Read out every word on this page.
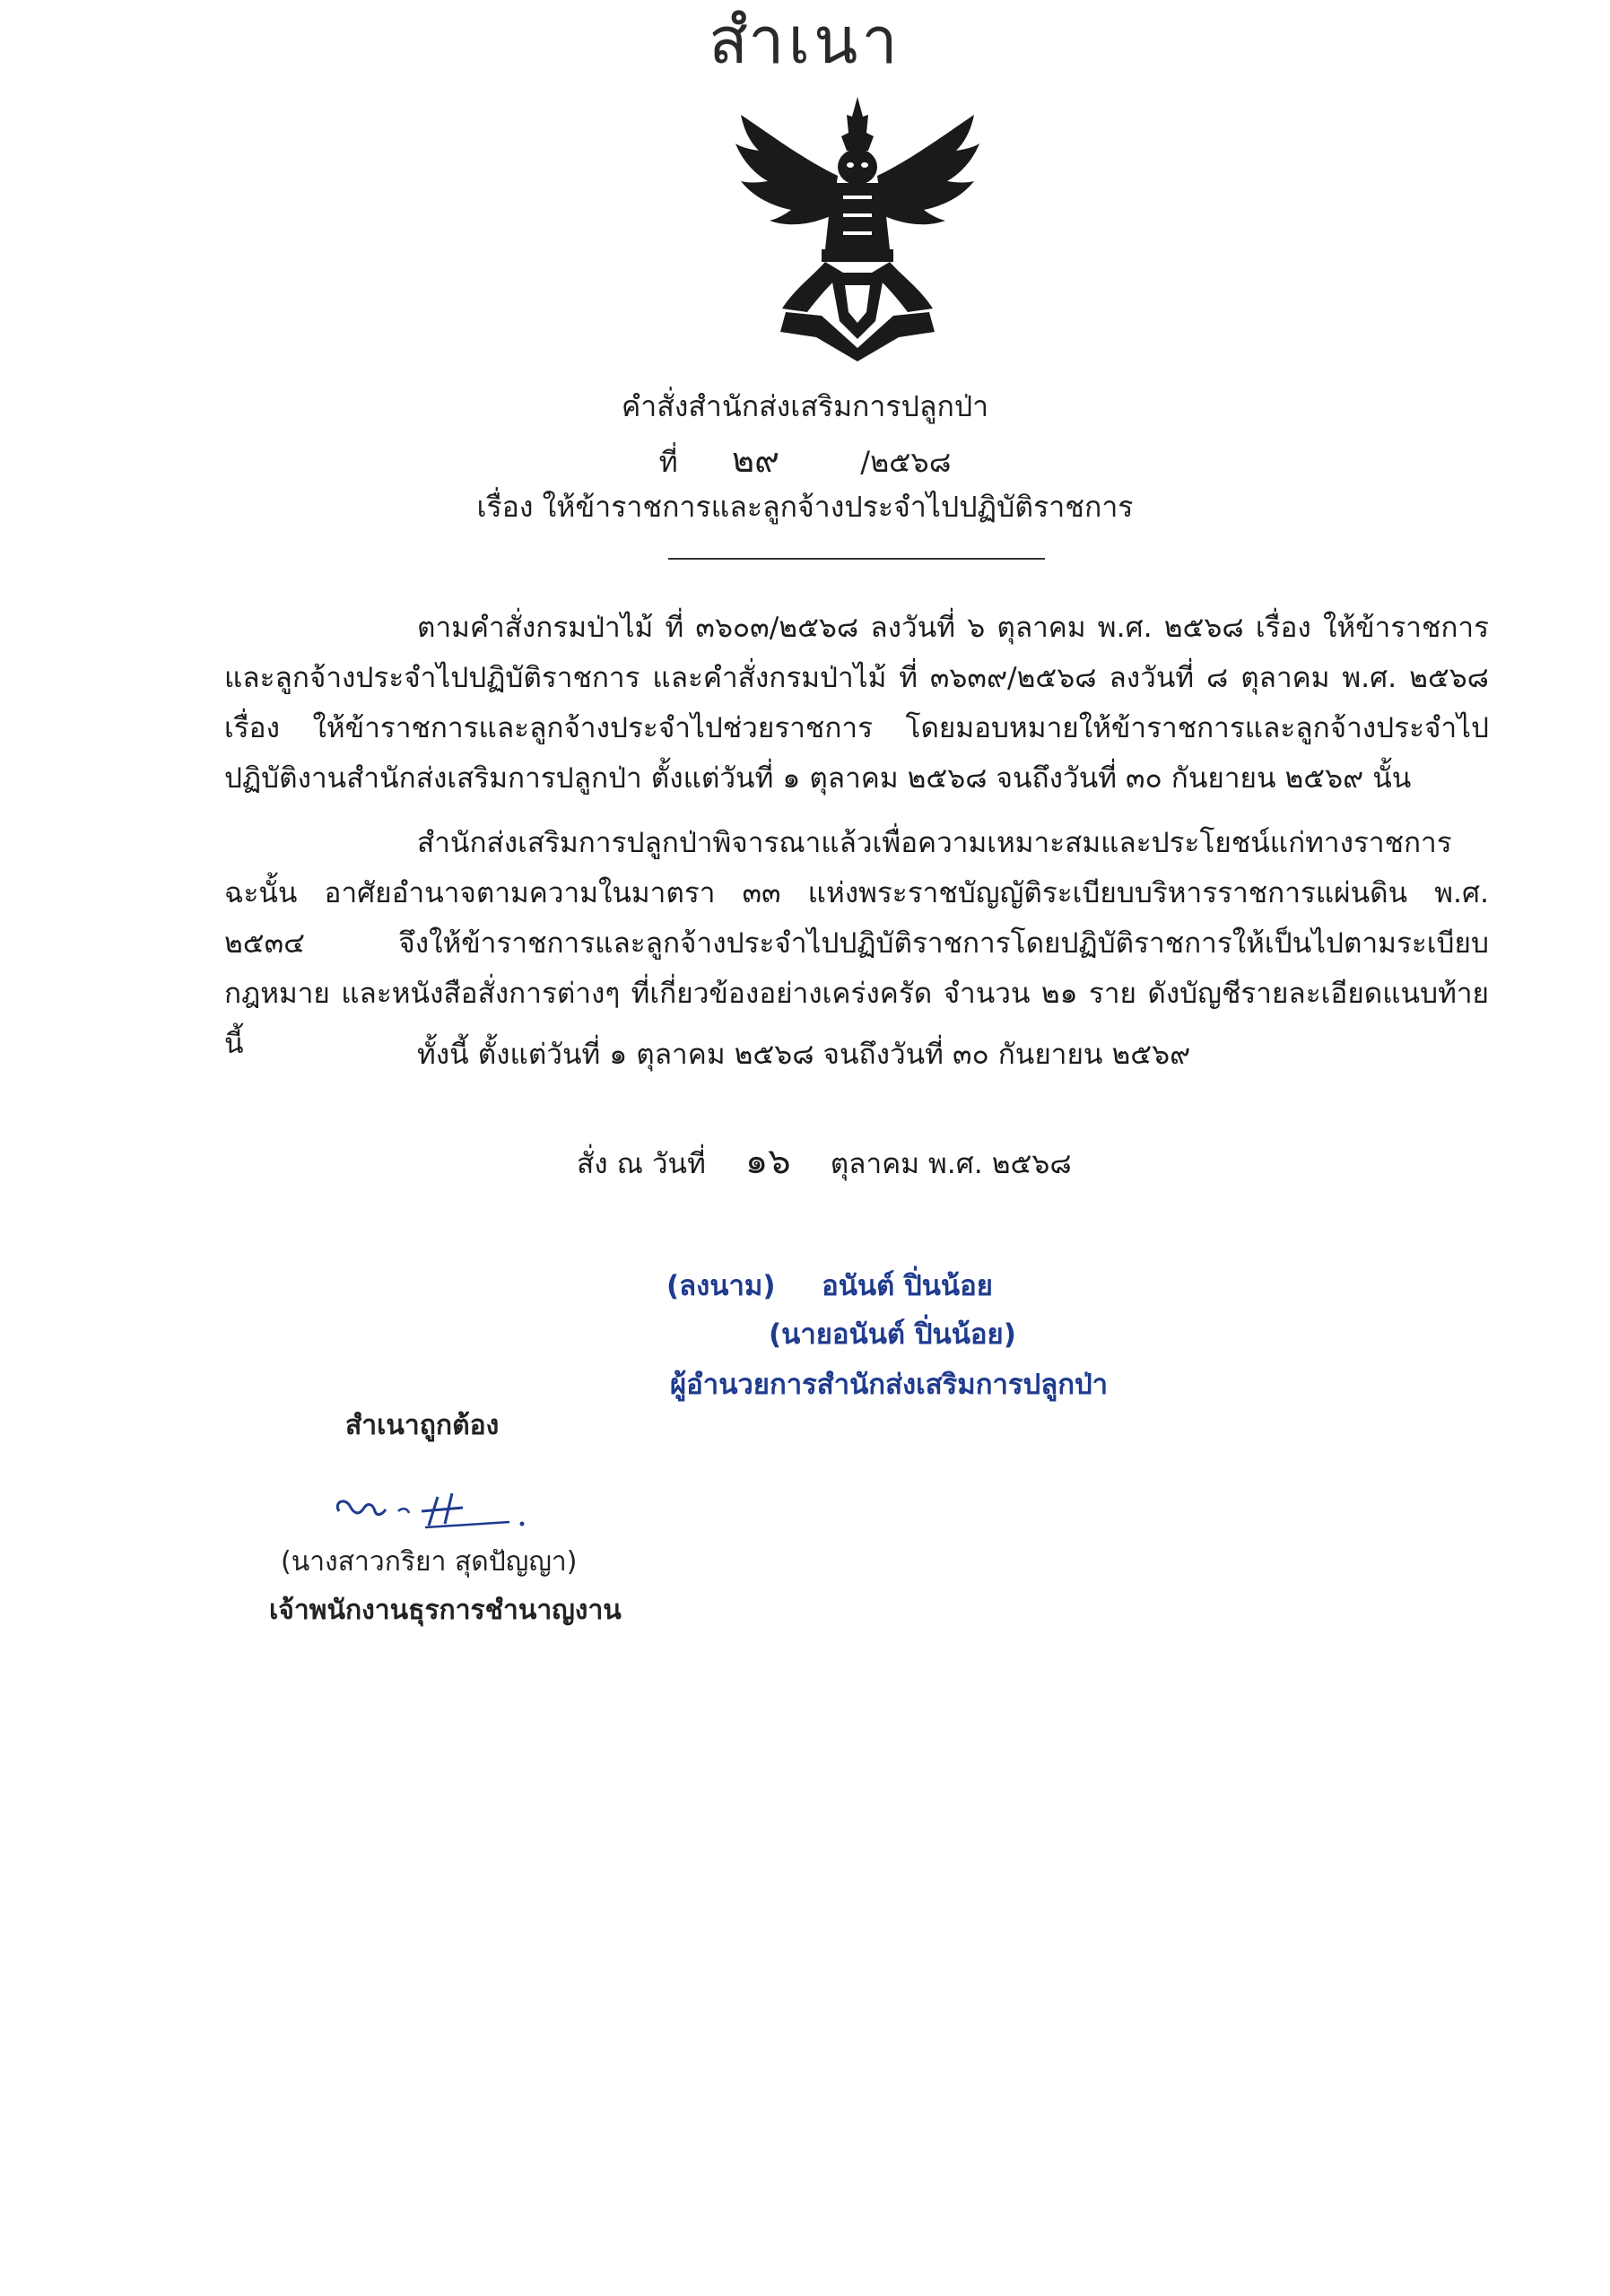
สำเนา
คำสั่งสำนักส่งเสริมการปลูกป่า
ที่ ๒๙	/๒๕๖๘
เรื่อง ให้ข้าราชการและลูกจ้างประจำไปปฏิบัติราชการ
ตามคำสั่งกรมป่าไม้ ที่ ๓๖๐๓/๒๕๖๘ ลงวันที่ ๖ ตุลาคม พ.ศ. ๒๕๖๘ เรื่อง ให้ข้าราชการและลูกจ้างประจำไปปฏิบัติราชการ และคำสั่งกรมป่าไม้ ที่ ๓๖๓๙/๒๕๖๘ ลงวันที่ ๘ ตุลาคม พ.ศ. ๒๕๖๘ เรื่อง ให้ข้าราชการและลูกจ้างประจำไปช่วยราชการ โดยมอบหมายให้ข้าราชการและลูกจ้างประจำไปปฏิบัติงานสำนักส่งเสริมการปลูกป่า ตั้งแต่วันที่ ๑ ตุลาคม ๒๕๖๘ จนถึงวันที่ ๓๐ กันยายน ๒๕๖๙ นั้น
สำนักส่งเสริมการปลูกป่าพิจารณาแล้วเพื่อความเหมาะสมและประโยชน์แก่ทางราชการ ฉะนั้น อาศัยอำนาจตามความในมาตรา ๓๓ แห่งพระราชบัญญัติระเบียบบริหารราชการแผ่นดิน พ.ศ. ๒๕๓๔ จึงให้ข้าราชการและลูกจ้างประจำไปปฏิบัติราชการโดยปฏิบัติราชการให้เป็นไปตามระเบียบ กฎหมาย และหนังสือสั่งการต่างๆ ที่เกี่ยวข้องอย่างเคร่งครัด จำนวน ๒๑ ราย ดังบัญชีรายละเอียดแนบท้ายนี้	ทั้งนี้ ตั้งแต่วันที่ ๑ ตุลาคม ๒๕๖๘ จนถึงวันที่ ๓๐ กันยายน ๒๕๖๙
สั่ง ณ วันที่ ๑๖ ตุลาคม พ.ศ. ๒๕๖๘
(ลงนาม) อนันต์ ปิ่นน้อย
(นายอนันต์ ปิ่นน้อย)
ผู้อำนวยการสำนักส่งเสริมการปลูกป่า
สำเนาถูกต้อง
(นางสาวกริยา สุดปัญญา)
เจ้าพนักงานธุรการชำนาญงาน
